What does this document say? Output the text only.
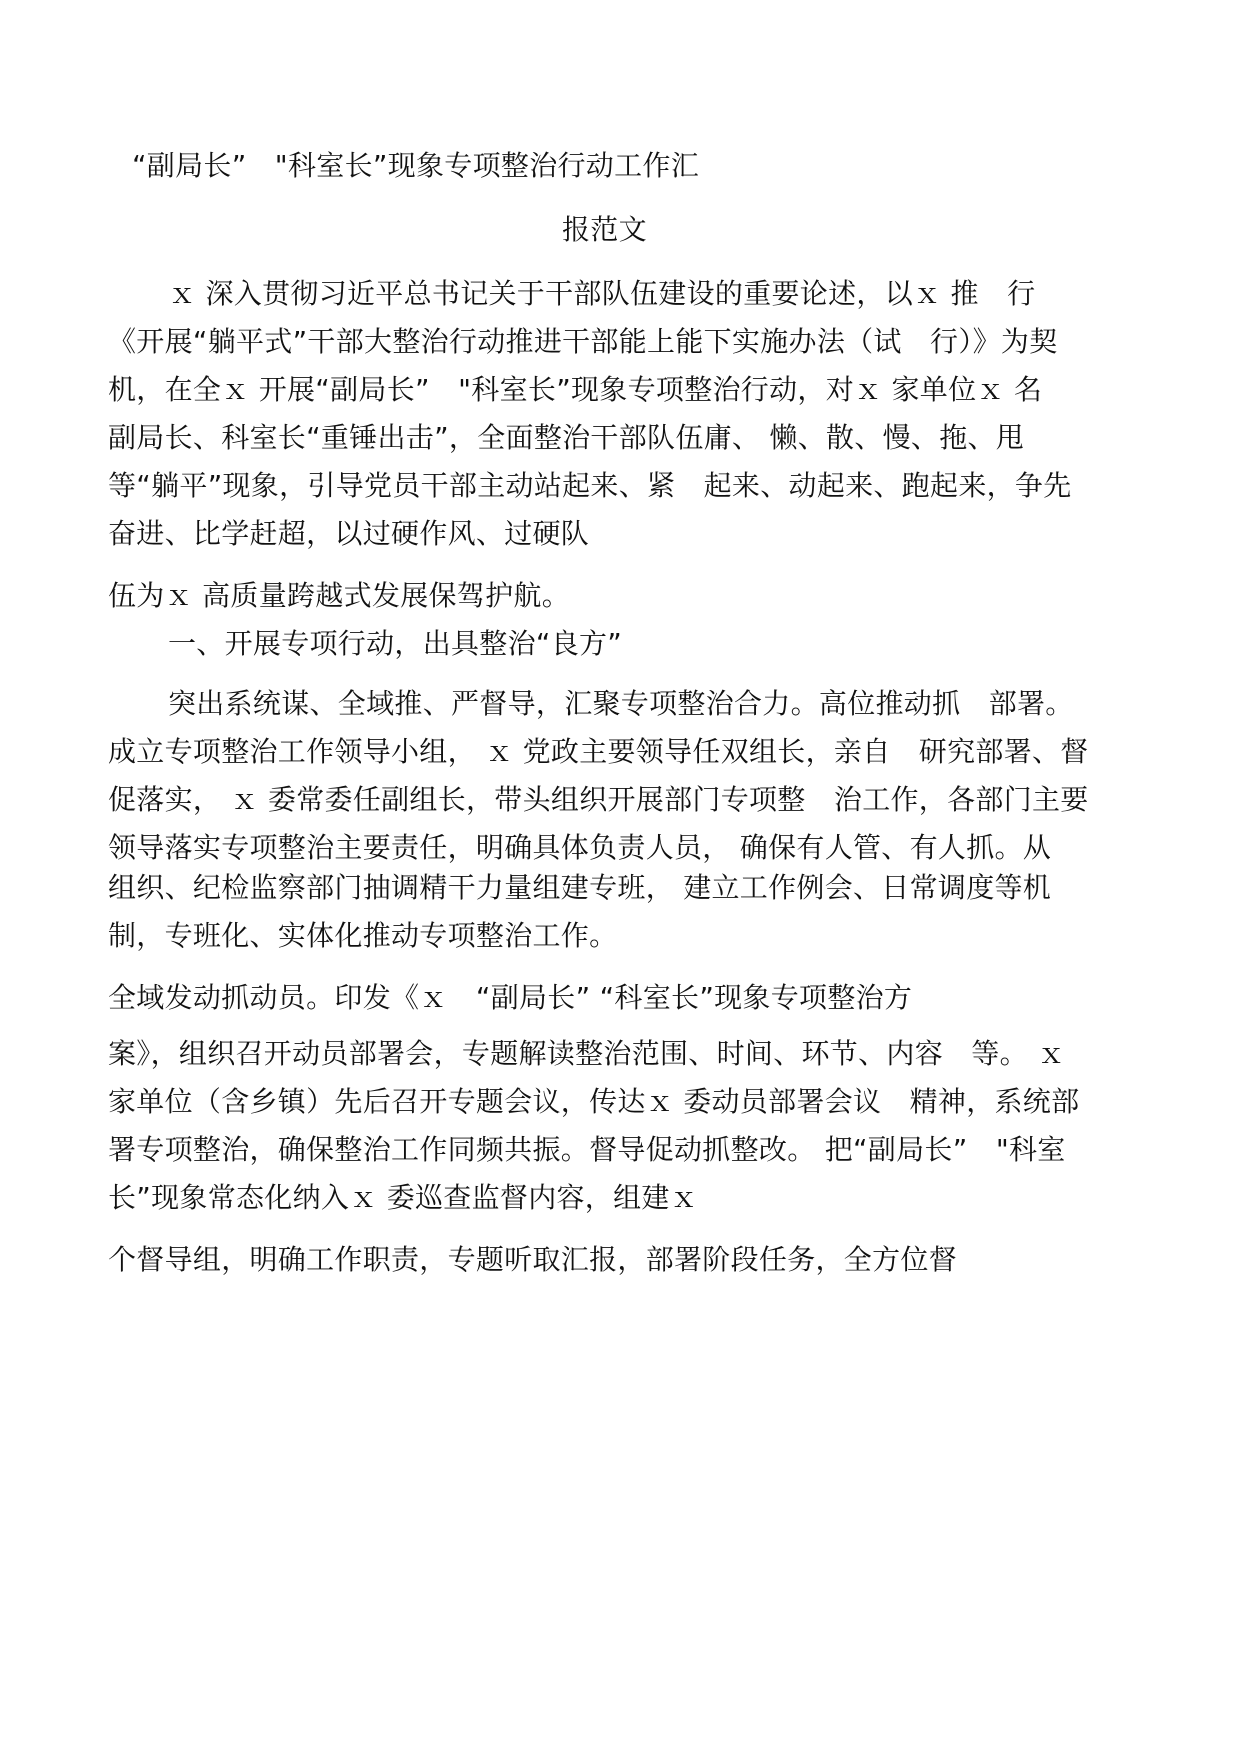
“副局长”　"科室长”现象专项整治行动工作汇
报范文
ｘ 深入贯彻习近平总书记关于干部队伍建设的重要论述，以ｘ 推　行
《开展“躺平式”干部大整治行动推进干部能上能下实施办法（试　行）》为契
机，在全ｘ 开展“副局长”　"科室长”现象专项整治行动，对ｘ 家单位ｘ 名
副局长、科室长“重锤出击”，全面整治干部队伍庸、 懒、散、慢、拖、甩
等“躺平”现象，引导党员干部主动站起来、紧　起来、动起来、跑起来，争先
奋进、比学赶超，以过硬作风、过硬队
伍为ｘ 高质量跨越式发展保驾护航。
一、开展专项行动，出具整治“良方”
突出系统谋、全域推、严督导，汇聚专项整治合力。高位推动抓　部署。
成立专项整治工作领导小组， ｘ 党政主要领导任双组长，亲自　研究部署、督
促落实， ｘ 委常委任副组长，带头组织开展部门专项整　治工作，各部门主要
领导落实专项整治主要责任，明确具体负责人员， 确保有人管、有人抓。从
组织、纪检监察部门抽调精干力量组建专班， 建立工作例会、日常调度等机
制，专班化、实体化推动专项整治工作。
全域发动抓动员。印发《ｘ　“副局长” “科室长”现象专项整治方
案》，组织召开动员部署会，专题解读整治范围、时间、环节、内容　等。 ｘ
家单位（含乡镇）先后召开专题会议，传达ｘ 委动员部署会议　精神，系统部
署专项整治，确保整治工作同频共振。督导促动抓整改。 把“副局长”　"科室
长”现象常态化纳入ｘ 委巡查监督内容，组建ｘ
个督导组，明确工作职责，专题听取汇报，部署阶段任务，全方位督
